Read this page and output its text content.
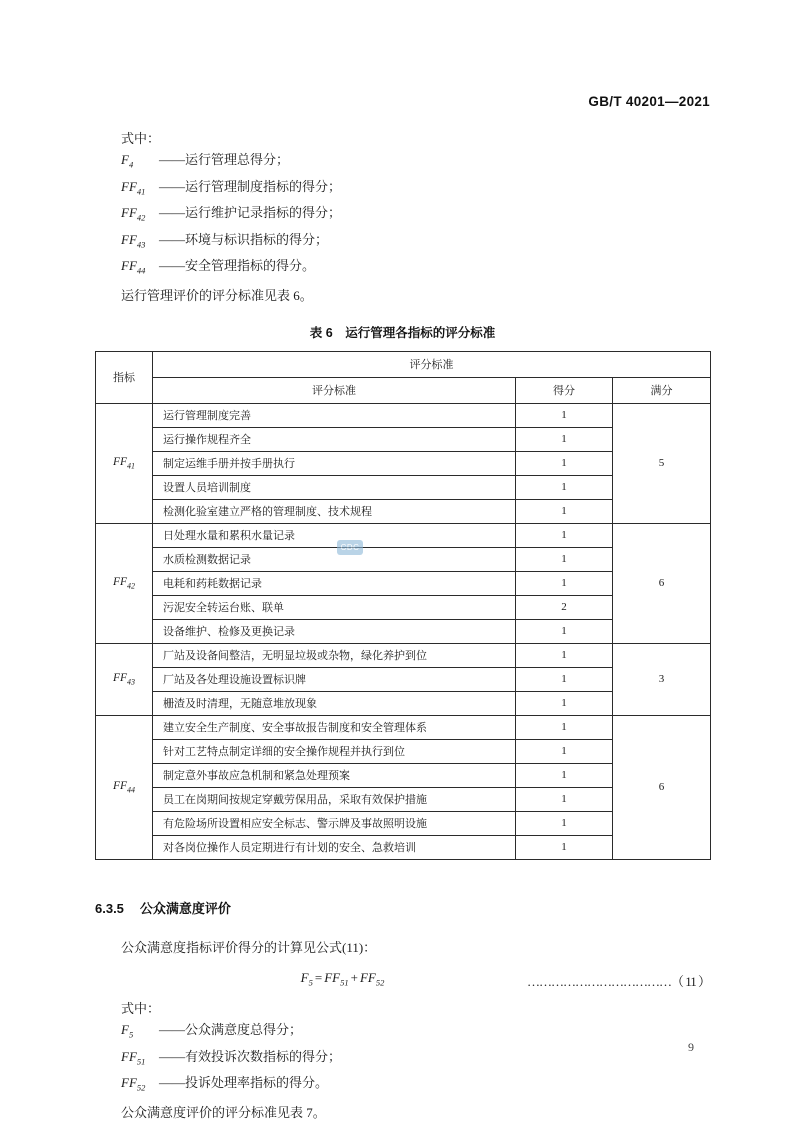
GB/T 40201—2021
式中：
$F_4$	——运行管理总得分；
$FF_{41}$	——运行管理制度指标的得分；
$FF_{42}$	——运行维护记录指标的得分；
$FF_{43}$	——环境与标识指标的得分；
$FF_{44}$	——安全管理指标的得分。
运行管理评价的评分标准见表 6。
表 6　运行管理各指标的评分标准
指标	评分标准		
	评分标准	得分	满分
$FF_{41}$	运行管理制度完善	1	5
	运行操作规程齐全	1	
	制定运维手册并按手册执行	1	
	设置人员培训制度	1	
	检测化验室建立严格的管理制度、技术规程	1	
$FF_{42}$	日处理水量和累积水量记录	1	6
	水质检测数据记录	1	
	电耗和药耗数据记录	1	
	污泥安全转运台账、联单	2	
	设备维护、检修及更换记录	1	
$FF_{43}$	厂站及设备间整洁，无明显垃圾或杂物，绿化养护到位	1	3
	厂站及各处理设施设置标识牌	1	
	栅渣及时清理，无随意堆放现象	1	
$FF_{44}$	建立安全生产制度、安全事故报告制度和安全管理体系	1	6
	针对工艺特点制定详细的安全操作规程并执行到位	1	
	制定意外事故应急机制和紧急处理预案	1	
	员工在岗期间按规定穿戴劳保用品，采取有效保护措施	1	
	有危险场所设置相应安全标志、警示牌及事故照明设施	1	
	对各岗位操作人员定期进行有计划的安全、急救培训	1	
6.3.5 公众满意度评价
公众满意度指标评价得分的计算见公式(11)：
$F_5 = FF_{51} + FF_{52}$	………………………………（ 11 ）
式中：
$F_5$	——公众满意度总得分；
$FF_{51}$	——有效投诉次数指标的得分；
$FF_{52}$	——投诉处理率指标的得分。
公众满意度评价的评分标准见表 7。
CDC
9
